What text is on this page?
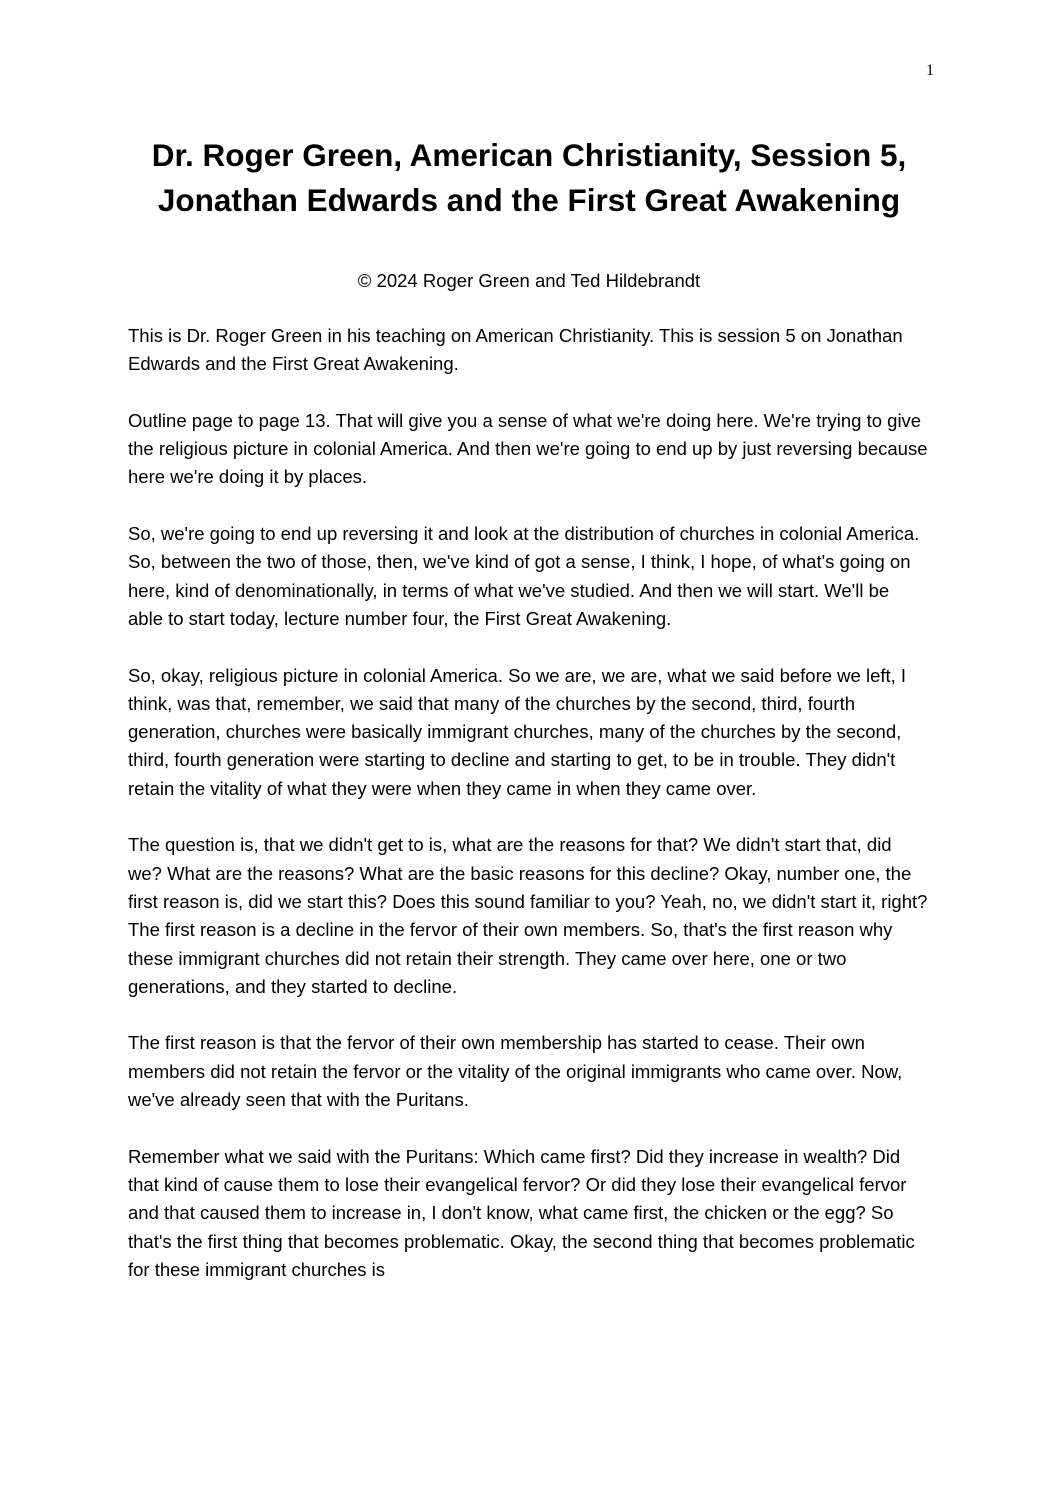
1
Dr. Roger Green, American Christianity, Session 5, Jonathan Edwards and the First Great Awakening
© 2024 Roger Green and Ted Hildebrandt

This is Dr. Roger Green in his teaching on American Christianity. This is session 5 on Jonathan Edwards and the First Great Awakening.

Outline page to page 13. That will give you a sense of what we're doing here. We're trying to give the religious picture in colonial America. And then we're going to end up by just reversing because here we're doing it by places.

So, we're going to end up reversing it and look at the distribution of churches in colonial America. So, between the two of those, then, we've kind of got a sense, I think, I hope, of what's going on here, kind of denominationally, in terms of what we've studied. And then we will start. We'll be able to start today, lecture number four, the First Great Awakening.

So, okay, religious picture in colonial America. So we are, we are, what we said before we left, I think, was that, remember, we said that many of the churches by the second, third, fourth generation, churches were basically immigrant churches, many of the churches by the second, third, fourth generation were starting to decline and starting to get, to be in trouble. They didn't retain the vitality of what they were when they came in when they came over.

The question is, that we didn't get to is, what are the reasons for that? We didn't start that, did we? What are the reasons? What are the basic reasons for this decline? Okay, number one, the first reason is, did we start this? Does this sound familiar to you? Yeah, no, we didn't start it, right? The first reason is a decline in the fervor of their own members. So, that's the first reason why these immigrant churches did not retain their strength. They came over here, one or two generations, and they started to decline.

The first reason is that the fervor of their own membership has started to cease. Their own members did not retain the fervor or the vitality of the original immigrants who came over. Now, we've already seen that with the Puritans.

Remember what we said with the Puritans: Which came first? Did they increase in wealth? Did that kind of cause them to lose their evangelical fervor? Or did they lose their evangelical fervor and that caused them to increase in, I don't know, what came first, the chicken or the egg? So that's the first thing that becomes problematic. Okay, the second thing that becomes problematic for these immigrant churches is
